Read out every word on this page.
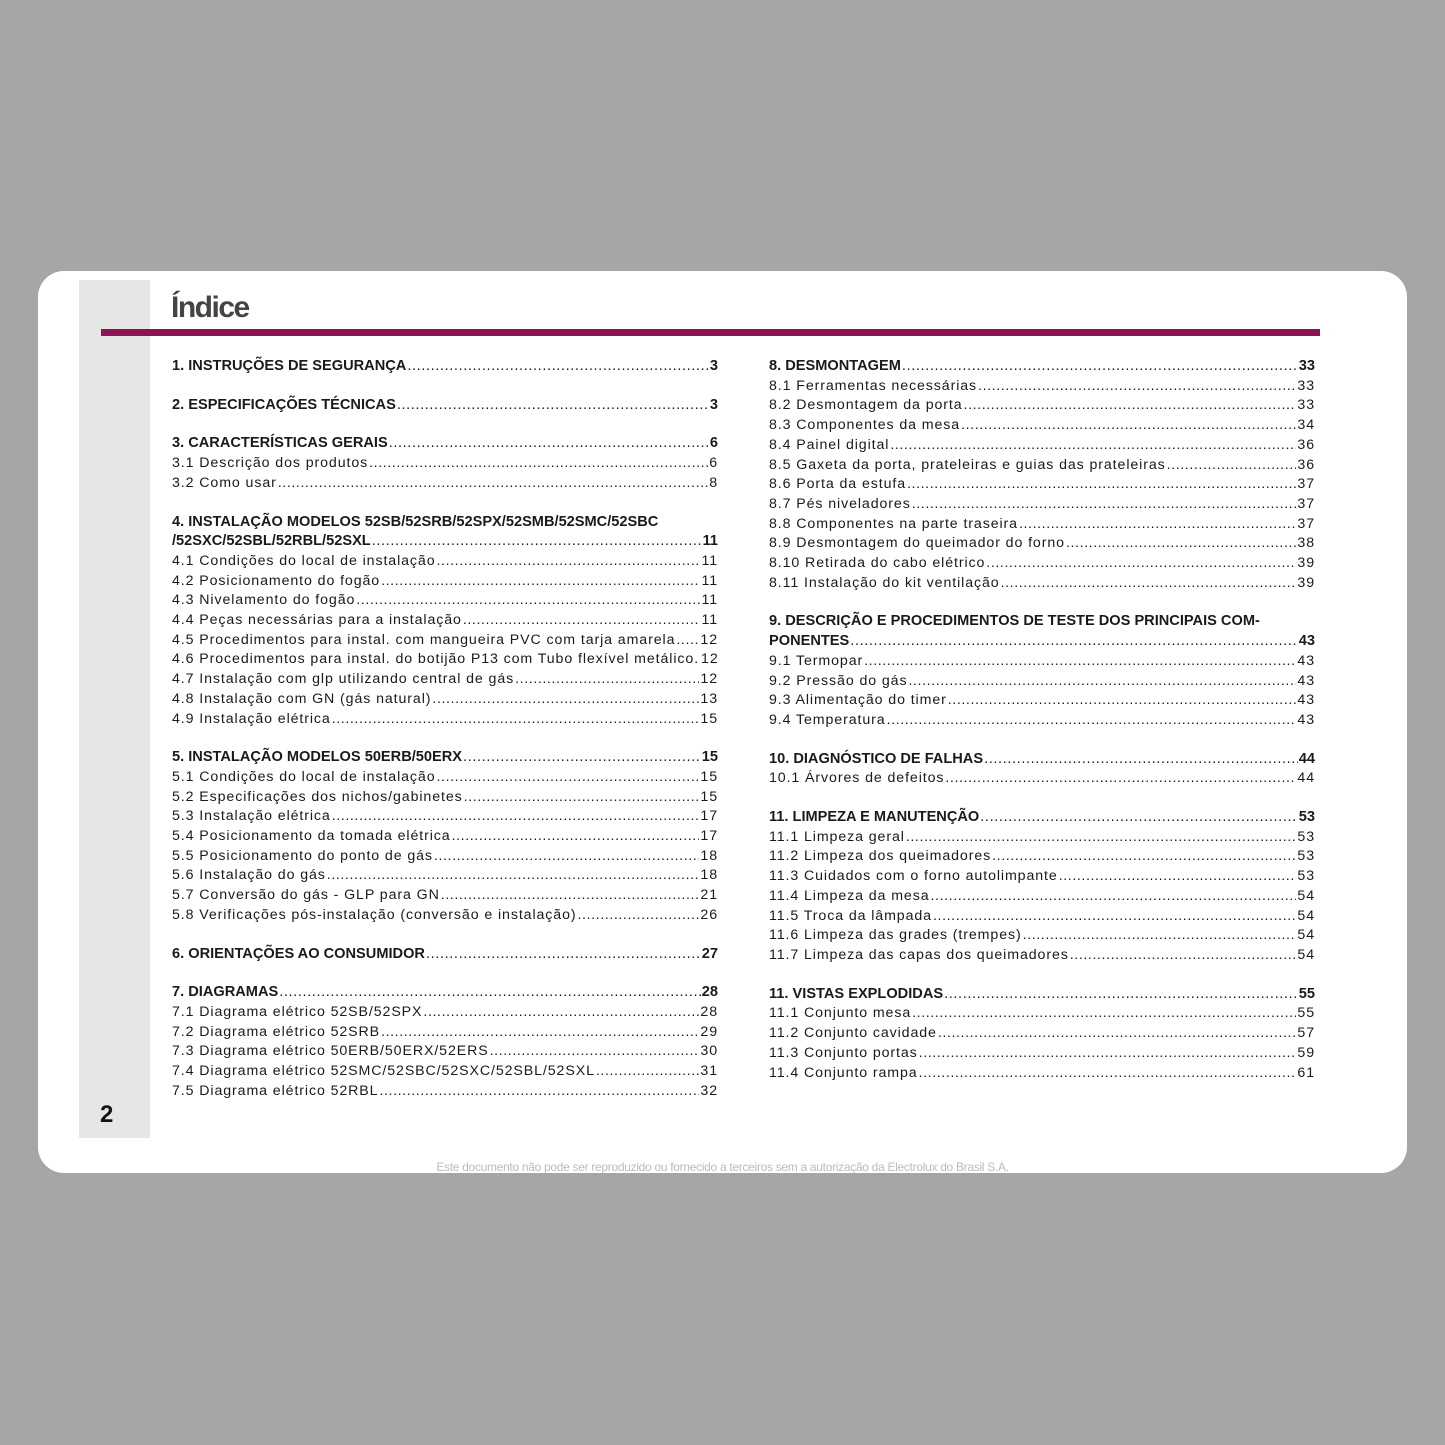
2
Índice
1. INSTRUÇÕES DE SEGURANÇA .....	3
2. ESPECIFICAÇÕES TÉCNICAS .....	3
3. CARACTERÍSTICAS GERAIS .....	6
3.1 Descrição dos produtos .....	6
3.2 Como usar .....	8
4. INSTALAÇÃO MODELOS 52SB/52SRB/52SPX/52SMB/52SMC/52SBC
/52SXC/52SBL/52RBL/52SXL .....	11
4.1 Condições do local de instalação .....	11
4.2 Posicionamento do fogão .....	11
4.3 Nivelamento do fogão .....	11
4.4 Peças necessárias para a instalação .....	11
4.5 Procedimentos para instal. com mangueira PVC com tarja amarela ..... 12
4.6 Procedimentos para instal. do botijão P13 com Tubo flexível metálico. 12
4.7 Instalação com glp utilizando central de gás .....	12
4.8 Instalação com GN (gás natural) .....	13
4.9 Instalação elétrica .....	15
5. INSTALAÇÃO MODELOS 50ERB/50ERX .....	15
5.1 Condições do local de instalação .....	15
5.2 Especificações dos nichos/gabinetes .....	15
5.3 Instalação elétrica .....	17
5.4 Posicionamento da tomada elétrica .....	17
5.5 Posicionamento do ponto de gás .....	18
5.6 Instalação do gás .....	18
5.7 Conversão do gás - GLP para GN .....	21
5.8 Verificações pós-instalação (conversão e instalação) .....	26
6. ORIENTAÇÕES AO CONSUMIDOR .....	27
7. DIAGRAMAS .....	28
7.1 Diagrama elétrico 52SB/52SPX .....	28
7.2 Diagrama elétrico 52SRB .....	29
7.3 Diagrama elétrico 50ERB/50ERX/52ERS .....	30
7.4 Diagrama elétrico 52SMC/52SBC/52SXC/52SBL/52SXL .....	31
7.5 Diagrama elétrico 52RBL .....	32
8. DESMONTAGEM .....	33
8.1 Ferramentas necessárias .....	33
8.2 Desmontagem da porta .....	33
8.3 Componentes da mesa .....	34
8.4 Painel digital .....	36
8.5 Gaxeta da porta, prateleiras e guias das prateleiras .....	36
8.6 Porta da estufa .....	37
8.7 Pés niveladores .....	37
8.8 Componentes na parte traseira .....	37
8.9 Desmontagem do queimador do forno .....	38
8.10 Retirada do cabo elétrico .....	39
8.11 Instalação do kit ventilação .....	39
9. DESCRIÇÃO E PROCEDIMENTOS DE TESTE DOS PRINCIPAIS COM-
PONENTES .....	43
9.1 Termopar .....	43
9.2 Pressão do gás .....	43
9.3 Alimentação do timer .....	43
9.4 Temperatura .....	43
10. DIAGNÓSTICO DE FALHAS .....	44
10.1 Árvores de defeitos .....	44
11. LIMPEZA E MANUTENÇÃO .....	53
11.1 Limpeza geral .....	53
11.2 Limpeza dos queimadores .....	53
11.3 Cuidados com o forno autolimpante .....	53
11.4 Limpeza da mesa .....	54
11.5 Troca da lâmpada .....	54
11.6 Limpeza das grades (trempes) .....	54
11.7 Limpeza das capas dos queimadores .....	54
11. VISTAS EXPLODIDAS .....	55
11.1 Conjunto mesa .....	55
11.2 Conjunto cavidade .....	57
11.3 Conjunto portas .....	59
11.4 Conjunto rampa .....	61
Este documento não pode ser reproduzido ou fornecido a terceiros sem a autorização da Electrolux do Brasil S.A.
